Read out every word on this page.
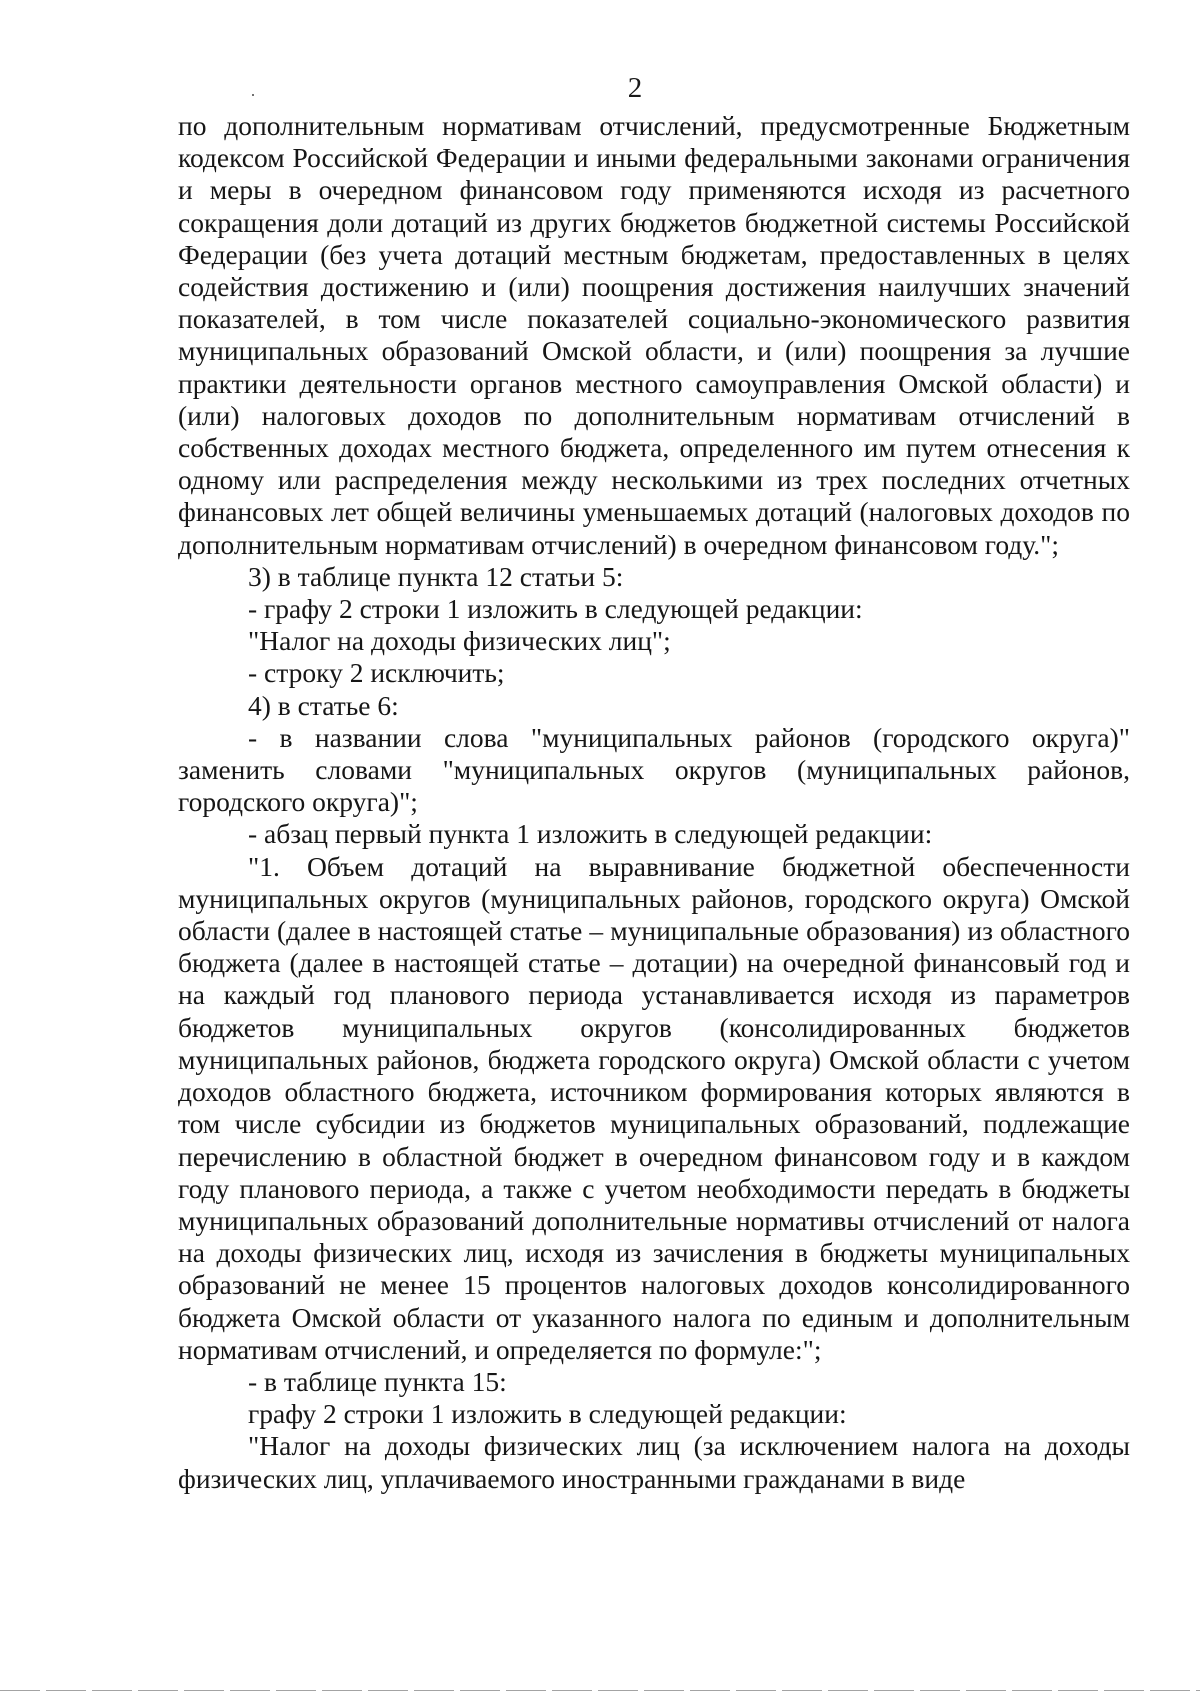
2

по дополнительным нормативам отчислений, предусмотренные Бюджетным кодексом Российской Федерации и иными федеральными законами ограничения и меры в очередном финансовом году применяются исходя из расчетного сокращения доли дотаций из других бюджетов бюджетной системы Российской Федерации (без учета дотаций местным бюджетам, предоставленных в целях содействия достижению и (или) поощрения достижения наилучших значений показателей, в том числе показателей социально-экономического развития муниципальных образований Омской области, и (или) поощрения за лучшие практики деятельности органов местного самоуправления Омской области) и (или) налоговых доходов по дополнительным нормативам отчислений в собственных доходах местного бюджета, определенного им путем отнесения к одному или распределения между несколькими из трех последних отчетных финансовых лет общей величины уменьшаемых дотаций (налоговых доходов по дополнительным нормативам отчислений) в очередном финансовом году.";

3) в таблице пункта 12 статьи 5:

- графу 2 строки 1 изложить в следующей редакции:

"Налог на доходы физических лиц";

- строку 2 исключить;

4) в статье 6:

- в названии слова "муниципальных районов (городского округа)" заменить словами "муниципальных округов (муниципальных районов, городского округа)";

- абзац первый пункта 1 изложить в следующей редакции:

"1. Объем дотаций на выравнивание бюджетной обеспеченности муниципальных округов (муниципальных районов, городского округа) Омской области (далее в настоящей статье – муниципальные образования) из областного бюджета (далее в настоящей статье – дотации) на очередной финансовый год и на каждый год планового периода устанавливается исходя из параметров бюджетов муниципальных округов (консолидированных бюджетов муниципальных районов, бюджета городского округа) Омской области с учетом доходов областного бюджета, источником формирования которых являются в том числе субсидии из бюджетов муниципальных образований, подлежащие перечислению в областной бюджет в очередном финансовом году и в каждом году планового периода, а также с учетом необходимости передать в бюджеты муниципальных образований дополнительные нормативы отчислений от налога на доходы физических лиц, исходя из зачисления в бюджеты муниципальных образований не менее 15 процентов налоговых доходов консолидированного бюджета Омской области от указанного налога по единым и дополнительным нормативам отчислений, и определяется по формуле:";

- в таблице пункта 15:

графу 2 строки 1 изложить в следующей редакции:

"Налог на доходы физических лиц (за исключением налога на доходы физических лиц, уплачиваемого иностранными гражданами в виде
